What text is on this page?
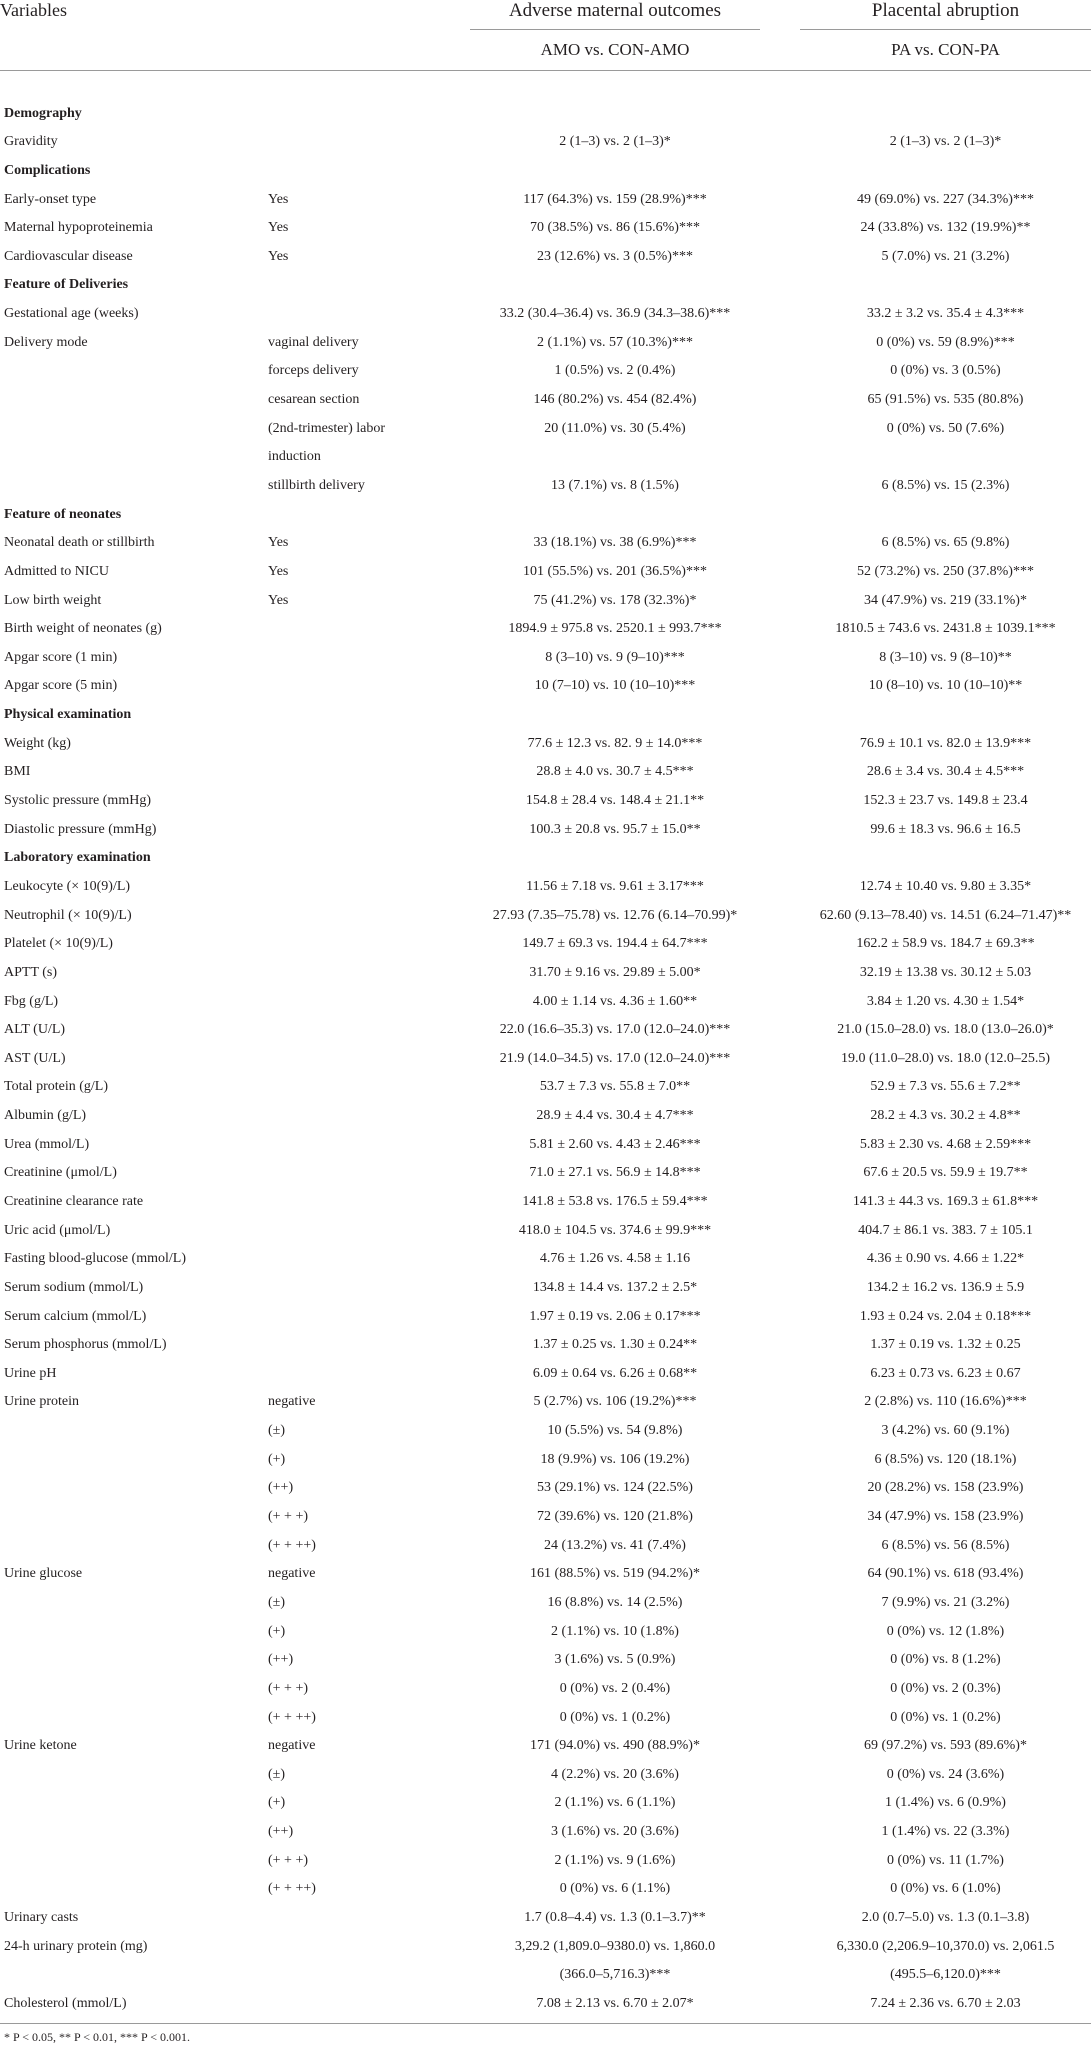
Variables	Adverse maternal outcomes	Placental abruption
AMO vs. CON-AMO	PA vs. CON-PA
Demography
Gravidity	2 (1–3) vs. 2 (1–3)*	2 (1–3) vs. 2 (1–3)*
Complications
Early-onset type	Yes	117 (64.3%) vs. 159 (28.9%)***	49 (69.0%) vs. 227 (34.3%)***
Maternal hypoproteinemia	Yes	70 (38.5%) vs. 86 (15.6%)***	24 (33.8%) vs. 132 (19.9%)**
Cardiovascular disease	Yes	23 (12.6%) vs. 3 (0.5%)***	5 (7.0%) vs. 21 (3.2%)
Feature of Deliveries
Gestational age (weeks)	33.2 (30.4–36.4) vs. 36.9 (34.3–38.6)***	33.2 ± 3.2 vs. 35.4 ± 4.3***
Delivery mode	vaginal delivery	2 (1.1%) vs. 57 (10.3%)***	0 (0%) vs. 59 (8.9%)***
forceps delivery	1 (0.5%) vs. 2 (0.4%)	0 (0%) vs. 3 (0.5%)
cesarean section	146 (80.2%) vs. 454 (82.4%)	65 (91.5%) vs. 535 (80.8%)
(2nd-trimester) labor	20 (11.0%) vs. 30 (5.4%)	0 (0%) vs. 50 (7.6%)
induction
stillbirth delivery	13 (7.1%) vs. 8 (1.5%)	6 (8.5%) vs. 15 (2.3%)
Feature of neonates
Neonatal death or stillbirth	Yes	33 (18.1%) vs. 38 (6.9%)***	6 (8.5%) vs. 65 (9.8%)
Admitted to NICU	Yes	101 (55.5%) vs. 201 (36.5%)***	52 (73.2%) vs. 250 (37.8%)***
Low birth weight	Yes	75 (41.2%) vs. 178 (32.3%)*	34 (47.9%) vs. 219 (33.1%)*
Birth weight of neonates (g)	1894.9 ± 975.8 vs. 2520.1 ± 993.7***	1810.5 ± 743.6 vs. 2431.8 ± 1039.1***
Apgar score (1 min)	8 (3–10) vs. 9 (9–10)***	8 (3–10) vs. 9 (8–10)**
Apgar score (5 min)	10 (7–10) vs. 10 (10–10)***	10 (8–10) vs. 10 (10–10)**
Physical examination
Weight (kg)	77.6 ± 12.3 vs. 82. 9 ± 14.0***	76.9 ± 10.1 vs. 82.0 ± 13.9***
BMI	28.8 ± 4.0 vs. 30.7 ± 4.5***	28.6 ± 3.4 vs. 30.4 ± 4.5***
Systolic pressure (mmHg)	154.8 ± 28.4 vs. 148.4 ± 21.1**	152.3 ± 23.7 vs. 149.8 ± 23.4
Diastolic pressure (mmHg)	100.3 ± 20.8 vs. 95.7 ± 15.0**	99.6 ± 18.3 vs. 96.6 ± 16.5
Laboratory examination
Leukocyte (× 10(9)/L)	11.56 ± 7.18 vs. 9.61 ± 3.17***	12.74 ± 10.40 vs. 9.80 ± 3.35*
Neutrophil (× 10(9)/L)	27.93 (7.35–75.78) vs. 12.76 (6.14–70.99)*	62.60 (9.13–78.40) vs. 14.51 (6.24–71.47)**
Platelet (× 10(9)/L)	149.7 ± 69.3 vs. 194.4 ± 64.7***	162.2 ± 58.9 vs. 184.7 ± 69.3**
APTT (s)	31.70 ± 9.16 vs. 29.89 ± 5.00*	32.19 ± 13.38 vs. 30.12 ± 5.03
Fbg (g/L)	4.00 ± 1.14 vs. 4.36 ± 1.60**	3.84 ± 1.20 vs. 4.30 ± 1.54*
ALT (U/L)	22.0 (16.6–35.3) vs. 17.0 (12.0–24.0)***	21.0 (15.0–28.0) vs. 18.0 (13.0–26.0)*
AST (U/L)	21.9 (14.0–34.5) vs. 17.0 (12.0–24.0)***	19.0 (11.0–28.0) vs. 18.0 (12.0–25.5)
Total protein (g/L)	53.7 ± 7.3 vs. 55.8 ± 7.0**	52.9 ± 7.3 vs. 55.6 ± 7.2**
Albumin (g/L)	28.9 ± 4.4 vs. 30.4 ± 4.7***	28.2 ± 4.3 vs. 30.2 ± 4.8**
Urea (mmol/L)	5.81 ± 2.60 vs. 4.43 ± 2.46***	5.83 ± 2.30 vs. 4.68 ± 2.59***
Creatinine (μmol/L)	71.0 ± 27.1 vs. 56.9 ± 14.8***	67.6 ± 20.5 vs. 59.9 ± 19.7**
Creatinine clearance rate	141.8 ± 53.8 vs. 176.5 ± 59.4***	141.3 ± 44.3 vs. 169.3 ± 61.8***
Uric acid (μmol/L)	418.0 ± 104.5 vs. 374.6 ± 99.9***	404.7 ± 86.1 vs. 383. 7 ± 105.1
Fasting blood-glucose (mmol/L)	4.76 ± 1.26 vs. 4.58 ± 1.16	4.36 ± 0.90 vs. 4.66 ± 1.22*
Serum sodium (mmol/L)	134.8 ± 14.4 vs. 137.2 ± 2.5*	134.2 ± 16.2 vs. 136.9 ± 5.9
Serum calcium (mmol/L)	1.97 ± 0.19 vs. 2.06 ± 0.17***	1.93 ± 0.24 vs. 2.04 ± 0.18***
Serum phosphorus (mmol/L)	1.37 ± 0.25 vs. 1.30 ± 0.24**	1.37 ± 0.19 vs. 1.32 ± 0.25
Urine pH	6.09 ± 0.64 vs. 6.26 ± 0.68**	6.23 ± 0.73 vs. 6.23 ± 0.67
Urine protein	negative	5 (2.7%) vs. 106 (19.2%)***	2 (2.8%) vs. 110 (16.6%)***
(±)	10 (5.5%) vs. 54 (9.8%)	3 (4.2%) vs. 60 (9.1%)
(+)	18 (9.9%) vs. 106 (19.2%)	6 (8.5%) vs. 120 (18.1%)
(++)	53 (29.1%) vs. 124 (22.5%)	20 (28.2%) vs. 158 (23.9%)
(+ + +)	72 (39.6%) vs. 120 (21.8%)	34 (47.9%) vs. 158 (23.9%)
(+ + ++)	24 (13.2%) vs. 41 (7.4%)	6 (8.5%) vs. 56 (8.5%)
Urine glucose	negative	161 (88.5%) vs. 519 (94.2%)*	64 (90.1%) vs. 618 (93.4%)
(±)	16 (8.8%) vs. 14 (2.5%)	7 (9.9%) vs. 21 (3.2%)
(+)	2 (1.1%) vs. 10 (1.8%)	0 (0%) vs. 12 (1.8%)
(++)	3 (1.6%) vs. 5 (0.9%)	0 (0%) vs. 8 (1.2%)
(+ + +)	0 (0%) vs. 2 (0.4%)	0 (0%) vs. 2 (0.3%)
(+ + ++)	0 (0%) vs. 1 (0.2%)	0 (0%) vs. 1 (0.2%)
Urine ketone	negative	171 (94.0%) vs. 490 (88.9%)*	69 (97.2%) vs. 593 (89.6%)*
(±)	4 (2.2%) vs. 20 (3.6%)	0 (0%) vs. 24 (3.6%)
(+)	2 (1.1%) vs. 6 (1.1%)	1 (1.4%) vs. 6 (0.9%)
(++)	3 (1.6%) vs. 20 (3.6%)	1 (1.4%) vs. 22 (3.3%)
(+ + +)	2 (1.1%) vs. 9 (1.6%)	0 (0%) vs. 11 (1.7%)
(+ + ++)	0 (0%) vs. 6 (1.1%)	0 (0%) vs. 6 (1.0%)
Urinary casts	1.7 (0.8–4.4) vs. 1.3 (0.1–3.7)**	2.0 (0.7–5.0) vs. 1.3 (0.1–3.8)
24-h urinary protein (mg)	3,29.2 (1,809.0–9380.0) vs. 1,860.0	6,330.0 (2,206.9–10,370.0) vs. 2,061.5
(366.0–5,716.3)***	(495.5–6,120.0)***
Cholesterol (mmol/L)	7.08 ± 2.13 vs. 6.70 ± 2.07*	7.24 ± 2.36 vs. 6.70 ± 2.03
* P < 0.05, ** P < 0.01, *** P < 0.001.
